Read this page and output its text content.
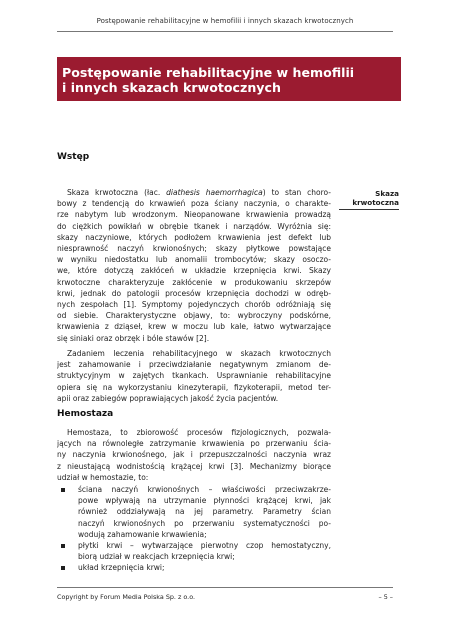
Postępowanie rehabilitacyjne w hemofilii i innych skazach krwotocznych
Postępowanie rehabilitacyjne w hemofilii
i innych skazach krwotocznych
Wstęp
Skaza
krwotoczna
Skaza krwotoczna (łac. diathesis haemorrhagica) to stan choro-
bowy z tendencją do krwawień poza ściany naczynia, o charakte-
rze nabytym lub wrodzonym. Nieopanowane krwawienia prowadzą
do ciężkich powikłań w obrębie tkanek i narządów. Wyróżnia się:
skazy naczyniowe, których podłożem krwawienia jest defekt lub
niesprawność naczyń krwionośnych; skazy płytkowe powstające
w wyniku niedostatku lub anomalii trombocytów; skazy osoczo-
we, które dotyczą zakłóceń w układzie krzepnięcia krwi. Skazy
krwotoczne charakteryzuje zakłócenie w produkowaniu skrzepów
krwi, jednak do patologii procesów krzepnięcia dochodzi w odręb-
nych zespołach [1]. Symptomy pojedynczych chorób odróżniają się
od siebie. Charakterystyczne objawy, to: wybroczyny podskórne,
krwawienia z dziąseł, krew w moczu lub kale, łatwo wytwarzające
się siniaki oraz obrzęk i bóle stawów [2].
Zadaniem leczenia rehabilitacyjnego w skazach krwotocznych
jest zahamowanie i przeciwdziałanie negatywnym zmianom de-
struktycyjnym w zajętych tkankach. Usprawnianie rehabilitacyjne
opiera się na wykorzystaniu kinezyterapii, fizykoterapii, metod ter-
apii oraz zabiegów poprawiających jakość życia pacjentów.
Hemostaza
Hemostaza, to zbiorowość procesów fizjologicznych, pozwala-
jących na równoległe zatrzymanie krwawienia po przerwaniu ścia-
ny naczynia krwionośnego, jak i przepuszczalności naczynia wraz
z nieustającą wodnistością krążącej krwi [3]. Mechanizmy biorące
udział w hemostazie, to:
ściana naczyń krwionośnych – właściwości przeciwzakrze-
powe wpływają na utrzymanie płynności krążącej krwi, jak
również oddziaływają na jej parametry. Parametry ścian
naczyń krwionośnych po przerwaniu systematyczności po-
wodują zahamowanie krwawienia;
płytki krwi – wytwarzające pierwotny czop hemostatyczny,
biorą udział w reakcjach krzepnięcia krwi;
układ krzepnięcia krwi;
Copyright by Forum Media Polska Sp. z o.o.	– 5 –
